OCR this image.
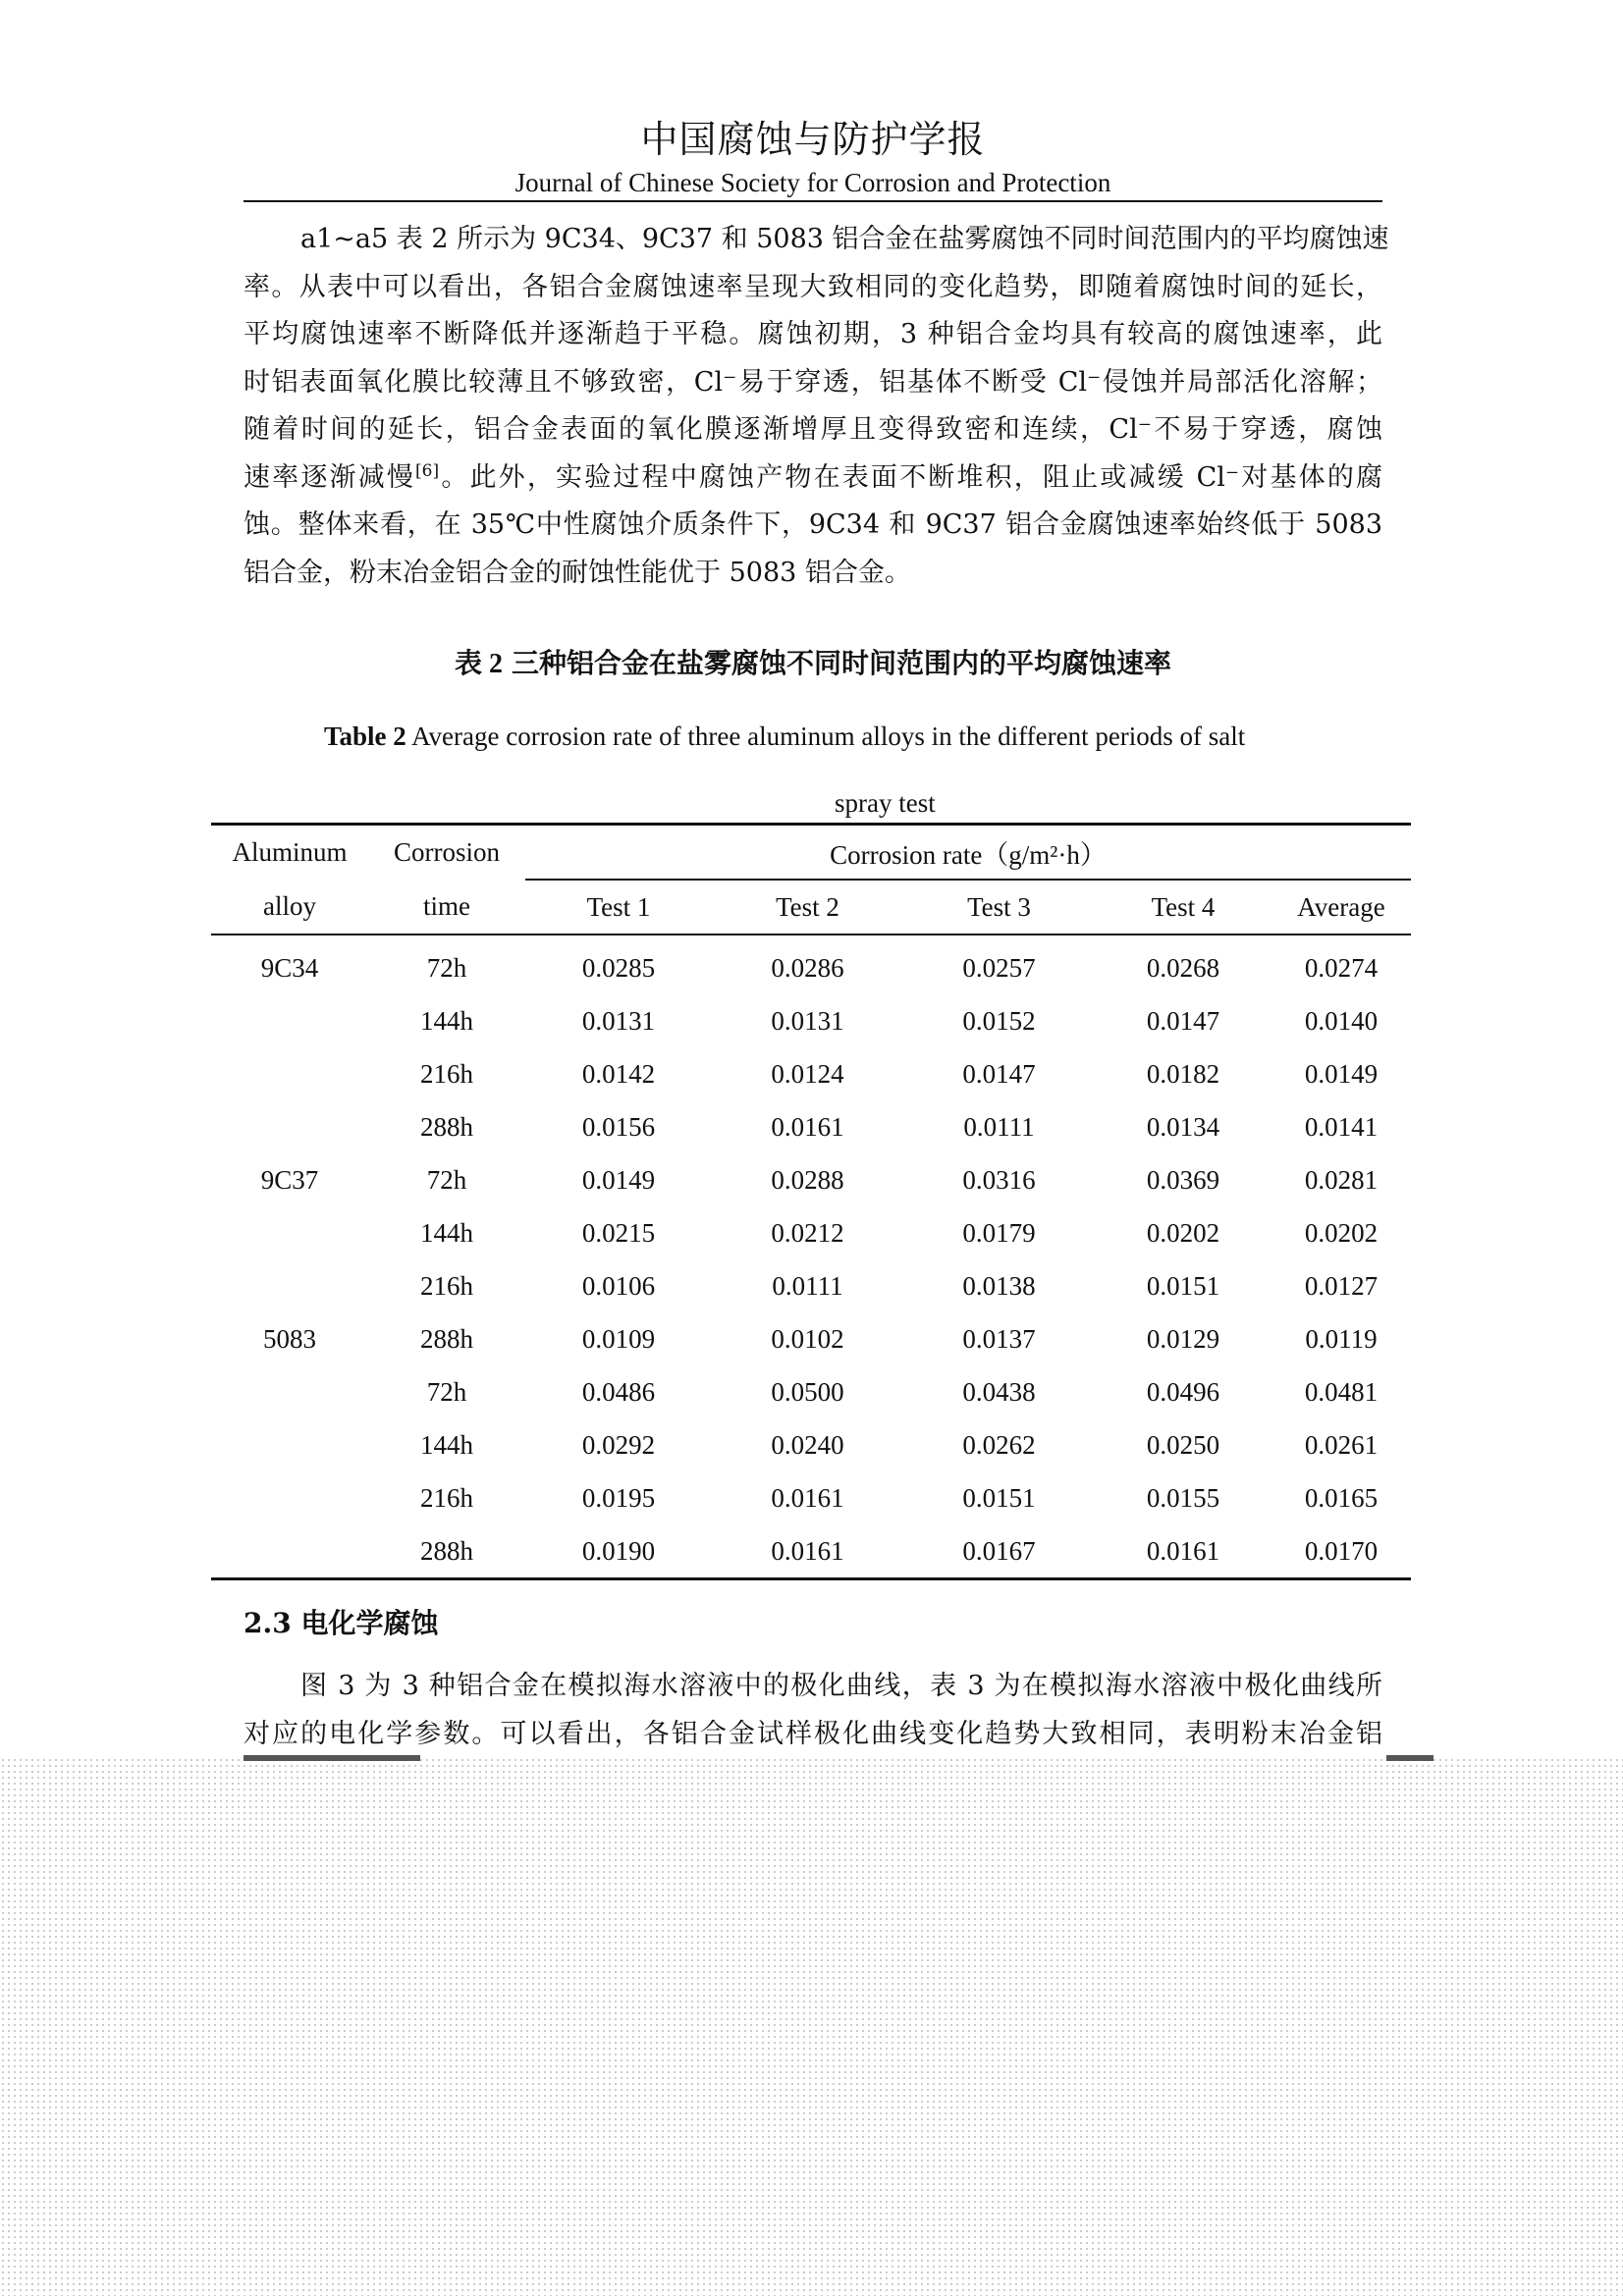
中国腐蚀与防护学报
Journal of Chinese Society for Corrosion and Protection
a1~a5 表 2 所示为 9C34、9C37 和 5083 铝合金在盐雾腐蚀不同时间范围内的平均腐蚀速
率。从表中可以看出，各铝合金腐蚀速率呈现大致相同的变化趋势，即随着腐蚀时间的延长，
平均腐蚀速率不断降低并逐渐趋于平稳。腐蚀初期，3 种铝合金均具有较高的腐蚀速率，此
时铝表面氧化膜比较薄且不够致密，Cl⁻易于穿透，铝基体不断受 Cl⁻侵蚀并局部活化溶解；
随着时间的延长，铝合金表面的氧化膜逐渐增厚且变得致密和连续，Cl⁻不易于穿透，腐蚀
速率逐渐减慢[6]。此外，实验过程中腐蚀产物在表面不断堆积，阻止或减缓 Cl⁻对基体的腐
蚀。整体来看，在 35℃中性腐蚀介质条件下，9C34 和 9C37 铝合金腐蚀速率始终低于 5083
铝合金，粉末冶金铝合金的耐蚀性能优于 5083 铝合金。
表 2 三种铝合金在盐雾腐蚀不同时间范围内的平均腐蚀速率
Table 2 Average corrosion rate of three aluminum alloys in the different periods of salt
spray test
Aluminum	Corrosion	Corrosion rate（g/m²·h）				
alloy	time	Test 1	Test 2	Test 3	Test 4	Average
9C34	72h	0.0285	0.0286	0.0257	0.0268	0.0274
	144h	0.0131	0.0131	0.0152	0.0147	0.0140
	216h	0.0142	0.0124	0.0147	0.0182	0.0149
	288h	0.0156	0.0161	0.0111	0.0134	0.0141
9C37	72h	0.0149	0.0288	0.0316	0.0369	0.0281
	144h	0.0215	0.0212	0.0179	0.0202	0.0202
	216h	0.0106	0.0111	0.0138	0.0151	0.0127
5083	288h	0.0109	0.0102	0.0137	0.0129	0.0119
	72h	0.0486	0.0500	0.0438	0.0496	0.0481
	144h	0.0292	0.0240	0.0262	0.0250	0.0261
	216h	0.0195	0.0161	0.0151	0.0155	0.0165
	288h	0.0190	0.0161	0.0167	0.0161	0.0170
2.3 电化学腐蚀
图 3 为 3 种铝合金在模拟海水溶液中的极化曲线，表 3 为在模拟海水溶液中极化曲线所
对应的电化学参数。可以看出，各铝合金试样极化曲线变化趋势大致相同，表明粉末冶金铝
